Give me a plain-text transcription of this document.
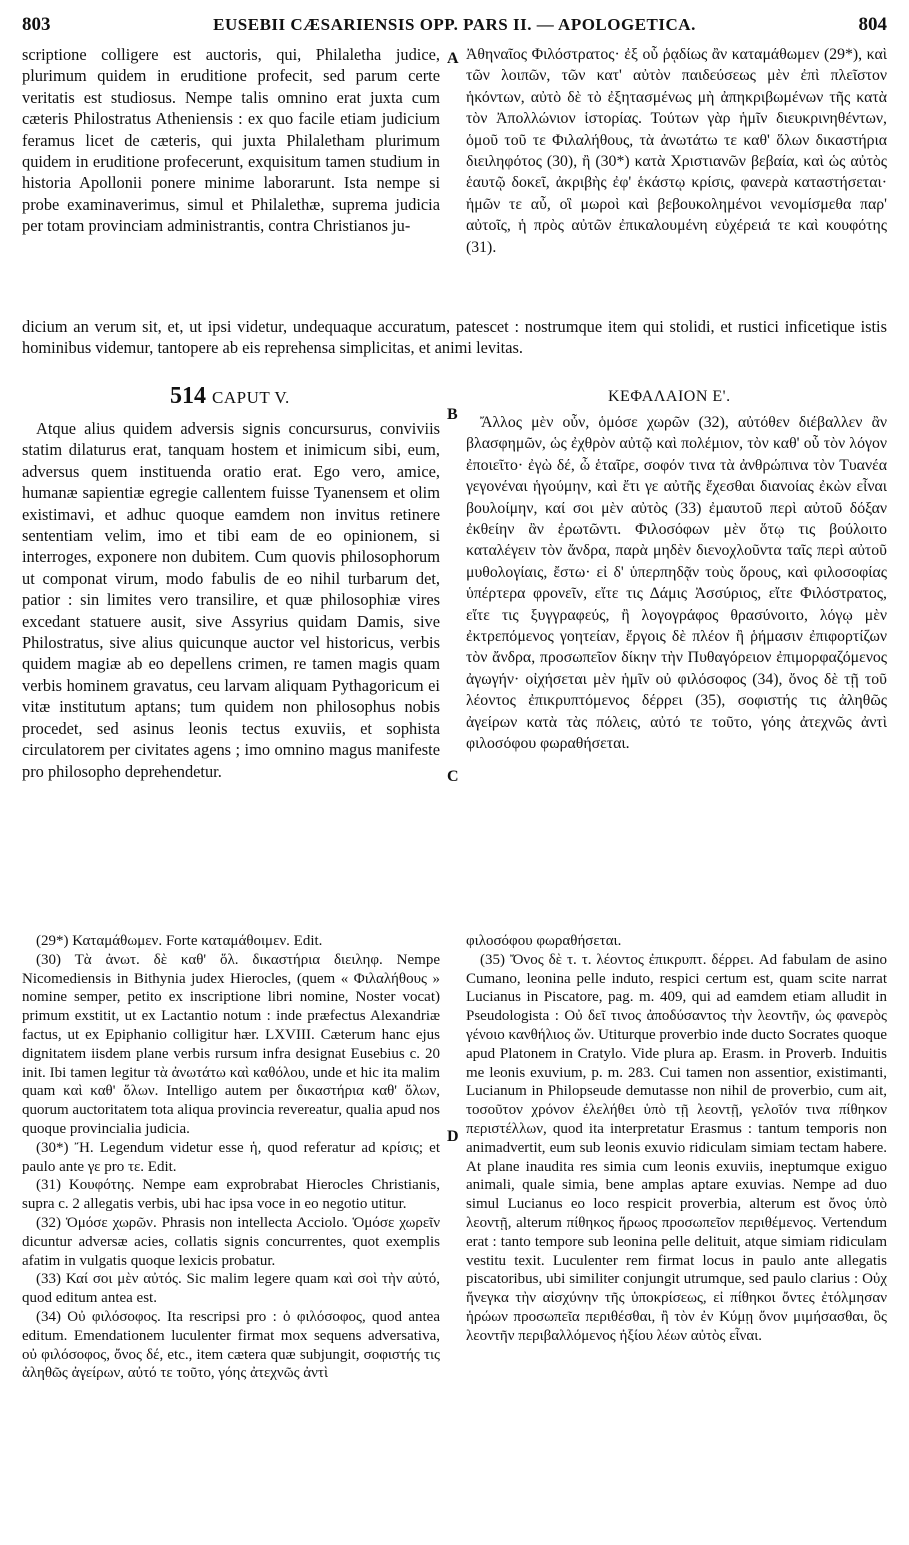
803	EUSEBII CÆSARIENSIS OPP. PARS II. — APOLOGETICA.	804
scriptione colligere est auctoris, qui, Philaletha judice, plurimum quidem in eruditione profecit, sed parum certe veritatis est studiosus. Nempe talis omnino erat juxta cum cæteris Philostratus Atheniensis : ex quo facile etiam judicium feramus licet de cæteris, qui juxta Philaletham plurimum quidem in eruditione profecerunt, exquisitum tamen studium in historia Apollonii ponere minime laborarunt. Ista nempe si probe examinaverimus, simul et Philalethæ, suprema judicia per totam provinciam administrantis, contra Christianos ju-
A Ἀθηναῖος Φιλόστρατος· ἐξ οὗ ῥᾳδίως ἂν καταμάθωμεν (29*), καὶ τῶν λοιπῶν, τῶν κατ' αὐτὸν παιδεύσεως μὲν ἐπὶ πλεῖστον ἡκόντων, αὐτὸ δὲ τὸ ἐξητασμένως μὴ ἀπηκριβωμένων τῆς κατὰ τὸν Ἀπολλώνιον ἱστορίας. Τούτων γὰρ ἡμῖν διευκρινηθέντων, ὁμοῦ τοῦ τε Φιλαλήθους, τὰ ἀνωτάτω τε καθ' ὅλων δικαστήρια διειληφότος (30), ἢ (30*) κατὰ Χριστιανῶν βεβαία, καὶ ὡς αὐτὸς ἑαυτῷ δοκεῖ, ἀκριβὴς ἐφ' ἑκάστῳ κρίσις, φανερὰ καταστήσεται· ἡμῶν τε αὖ, οἳ μωροὶ καὶ βεβουκολημένοι νενομίσμεθα παρ' αὐτοῖς, ἡ πρὸς αὐτῶν ἐπικαλουμένη εὐχέρειά τε καὶ κουφότης (31).
dicium an verum sit, et, ut ipsi videtur, undequaque accuratum, patescet : nostrumque item qui stolidi, et rustici inficetique istis hominibus videmur, tantopere ab eis reprehensa simplicitas, et animi levitas.
514 CAPUT V.	ΚΕΦΑΛΑΙΟΝ Ε'.
Atque alius quidem adversis signis concursurus, conviviis statim dilaturus erat, tanquam hostem et inimicum sibi, eum, adversus quem instituenda oratio erat. Ego vero, amice, humanæ sapientiæ egregie callentem fuisse Tyanensem et olim existimavi, et adhuc quoque eamdem non invitus retinere sententiam velim, imo et tibi eam de eo opinionem, si interroges, exponere non dubitem. Cum quovis philosophorum ut componat virum, modo fabulis de eo nihil turbarum det, patior : sin limites vero transilire, et quæ philosophiæ vires excedant statuere ausit, sive Assyrius quidam Damis, sive Philostratus, sive alius quicunque auctor vel historicus, verbis quidem magiæ ab eo depellens crimen, re tamen magis quam verbis hominem gravatus, ceu larvam aliquam Pythagoricum ei vitæ institutum aptans; tum quidem non philosophus nobis procedet, sed asinus leonis tectus exuviis, et sophista circulatorem per civitates agens ; imo omnino magus manifeste pro philosopho deprehendetur.
B
C
Ἄλλος μὲν οὖν, ὁμόσε χωρῶν (32), αὐτόθεν διέβαλλεν ἂν βλασφημῶν, ὡς ἐχθρὸν αὐτῷ καὶ πολέμιον, τὸν καθ' οὗ τὸν λόγον ἐποιεῖτο· ἐγὼ δέ, ὦ ἑταῖρε, σοφόν τινα τὰ ἀνθρώπινα τὸν Τυανέα γεγονέναι ἡγούμην, καὶ ἔτι γε αὐτῆς ἔχεσθαι διανοίας ἐκὼν εἶναι βουλοίμην, καί σοι μὲν αὐτὸς (33) ἐμαυτοῦ περὶ αὐτοῦ δόξαν ἐκθείην ἂν ἐρωτῶντι. Φιλοσόφων μὲν ὅτῳ τις βούλοιτο καταλέγειν τὸν ἄνδρα, παρὰ μηδὲν διενοχλοῦντα ταῖς περὶ αὐτοῦ μυθολογίαις, ἔστω· εἰ δ' ὑπερπηδᾷν τοὺς ὅρους, καὶ φιλοσοφίας ὑπέρτερα φρονεῖν, εἴτε τις Δάμις Ἀσσύριος, εἴτε Φιλόστρατος, εἴτε τις ξυγγραφεύς, ἢ λογογράφος θρασύνοιτο, λόγῳ μὲν ἐκτρεπόμενος γοητείαν, ἔργοις δὲ πλέον ἢ ῥήμασιν ἐπιφορτίζων τὸν ἄνδρα, προσωπεῖον δίκην τὴν Πυθαγόρειον ἐπιμορφαζόμενος ἀγωγήν· οἰχήσεται μὲν ἡμῖν οὐ φιλόσοφος (34), ὄνος δὲ τῇ τοῦ λέοντος ἐπικρυπτόμενος δέρρει (35), σοφιστής τις ἀληθῶς ἀγείρων κατὰ τὰς πόλεις, αὐτό τε τοῦτο, γόης ἀτεχνῶς ἀντὶ φιλοσόφου φωραθήσεται.

(29*) Καταμάθωμεν. Forte καταμάθοιμεν. Edit.

(30) Τὰ ἀνωτ. δὲ καθ' ὅλ. δικαστήρια διειληφ. Nempe Nicomediensis in Bithynia judex Hierocles, (quem « Φιλαλήθους » nomine semper, petito ex inscriptione libri nomine, Noster vocat) primum exstitit, ut ex Lactantio notum : inde præfectus Alexandriæ factus, ut ex Epiphanio colligitur hær. LXVIII. Cæterum hanc ejus dignitatem iisdem plane verbis rursum infra designat Eusebius c. 20 init. Ibi tamen legitur τὰ ἀνωτάτω καὶ καθόλου, unde et hic ita malim quam καὶ καθ' ὅλων. Intelligo autem per δικαστήρια καθ' ὅλων, quorum auctoritatem tota aliqua provincia revereatur, qualia apud nos quoque provincialia judicia.

(30*) Ἤ. Legendum videtur esse ἡ, quod referatur ad κρίσις; et paulo ante γε pro τε. Edit.

(31) Κουφότης. Nempe eam exprobrabat Hierocles Christianis, supra c. 2 allegatis verbis, ubi hac ipsa voce in eo negotio utitur.

(32) Ὁμόσε χωρῶν. Phrasis non intellecta Acciolo. Ὁμόσε χωρεῖν dicuntur adversæ acies, collatis signis concurrentes, quot exemplis afatim in vulgatis quoque lexicis probatur.

(33) Καί σοι μὲν αὐτός. Sic malim legere quam καὶ σοὶ τὴν αὐτό, quod editum antea est.

(34) Οὐ φιλόσοφος. Ita rescripsi pro : ὁ φιλόσοφος, quod antea editum. Emendationem luculenter firmat mox sequens adversativa, οὐ φιλόσοφος, ὄνος δέ, etc., item cætera quæ subjungit, σοφιστής τις ἀληθῶς ἀγείρων, αὐτό τε τοῦτο, γόης ἀτεχνῶς ἀντὶ

D

φιλοσόφου φωραθήσεται.

(35) Ὄνος δὲ τ. τ. λέοντος ἐπικρυπτ. δέρρει. Ad fabulam de asino Cumano, leonina pelle induto, respici certum est, quam scite narrat Lucianus in Piscatore, pag. m. 409, qui ad eamdem etiam alludit in Pseudologista : Οὐ δεῖ τινος ἀποδύσαντος τὴν λεοντῆν, ὡς φανερὸς γένοιο κανθήλιος ὤν. Utiturque proverbio inde ducto Socrates quoque apud Platonem in Cratylo. Vide plura ap. Erasm. in Proverb. Induitis me leonis exuvium, p. m. 283. Cui tamen non assentior, existimanti, Lucianum in Philopseude demutasse non nihil de proverbio, cum ait, τοσοῦτον χρόνον ἐλελήθει ὑπὸ τῇ λεοντῇ, γελοῖόν τινα πίθηκον περιστέλλων, quod ita interpretatur Erasmus : tantum temporis non animadvertit, eum sub leonis exuvio ridiculam simiam tectam habere. At plane inaudita res simia cum leonis exuviis, ineptumque exiguo animali, quale simia, bene amplas aptare exuvias. Nempe ad duo simul Lucianus eo loco respicit proverbia, alterum est ὄνος ὑπὸ λεοντῇ, alterum πίθηκος ἥρωος προσωπεῖον περιθέμενος. Vertendum erat : tanto tempore sub leonina pelle delituit, atque simiam ridiculam vestitu texit. Luculenter rem firmat locus in paulo ante allegatis piscatoribus, ubi similiter conjungit utrumque, sed paulo clarius : Οὐχ ἥνεγκα τὴν αἰσχύνην τῆς ὑποκρίσεως, εἰ πίθηκοι ὄντες ἐτόλμησαν ἡρώων προσωπεῖα περιθέσθαι, ἢ τὸν ἐν Κύμῃ ὄνον μιμήσασθαι, ὃς λεοντῆν περιβαλλόμενος ἠξίου λέων αὐτὸς εἶναι.
